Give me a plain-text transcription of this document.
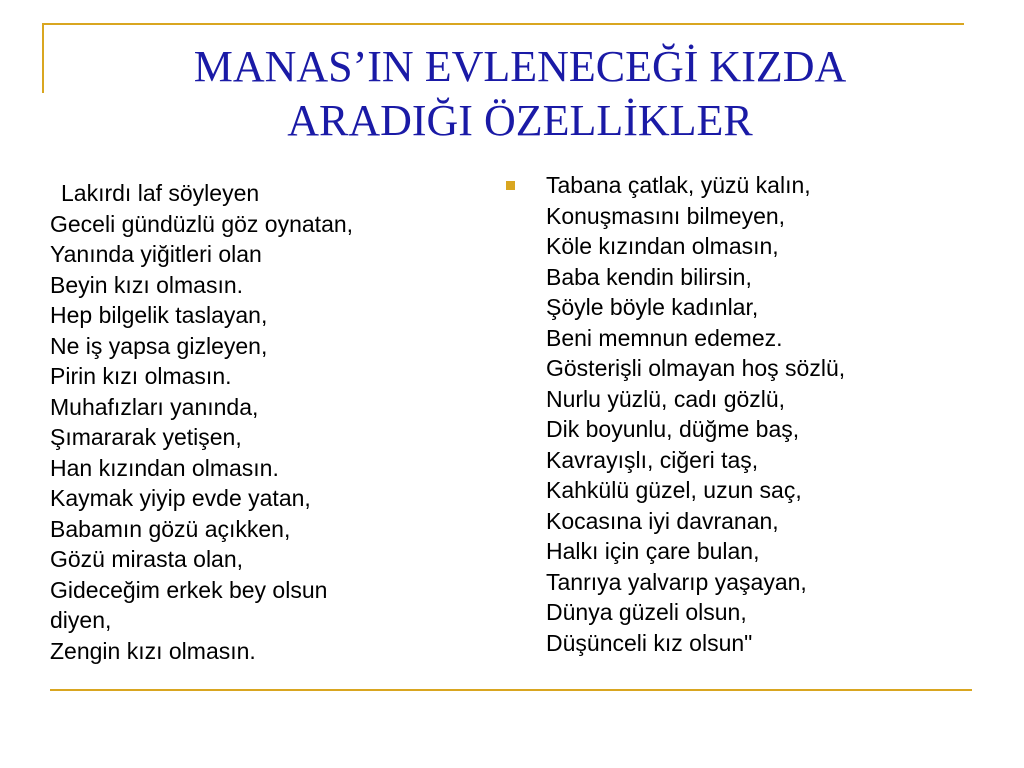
MANAS’IN EVLENECEĞİ KIZDA
ARADIĞI ÖZELLİKLER
Lakırdı laf söyleyen
Geceli gündüzlü göz oynatan,
Yanında yiğitleri olan
Beyin kızı olmasın.
Hep bilgelik taslayan,
Ne iş yapsa gizleyen,
Pirin kızı olmasın.
Muhafızları yanında,
Şımararak yetişen,
Han kızından olmasın.
Kaymak yiyip evde yatan,
Babamın gözü açıkken,
Gözü mirasta olan,
Gideceğim erkek bey olsun
diyen,
Zengin kızı olmasın.
Tabana çatlak, yüzü kalın,
Konuşmasını bilmeyen,
Köle kızından olmasın,
Baba kendin bilirsin,
Şöyle böyle kadınlar,
Beni memnun edemez.
Gösterişli olmayan hoş sözlü,
Nurlu yüzlü, cadı gözlü,
Dik boyunlu, düğme baş,
Kavrayışlı, ciğeri taş,
Kahkülü güzel, uzun saç,
Kocasına iyi davranan,
Halkı için çare bulan,
Tanrıya yalvarıp yaşayan,
Dünya güzeli olsun,
Düşünceli kız olsun"
